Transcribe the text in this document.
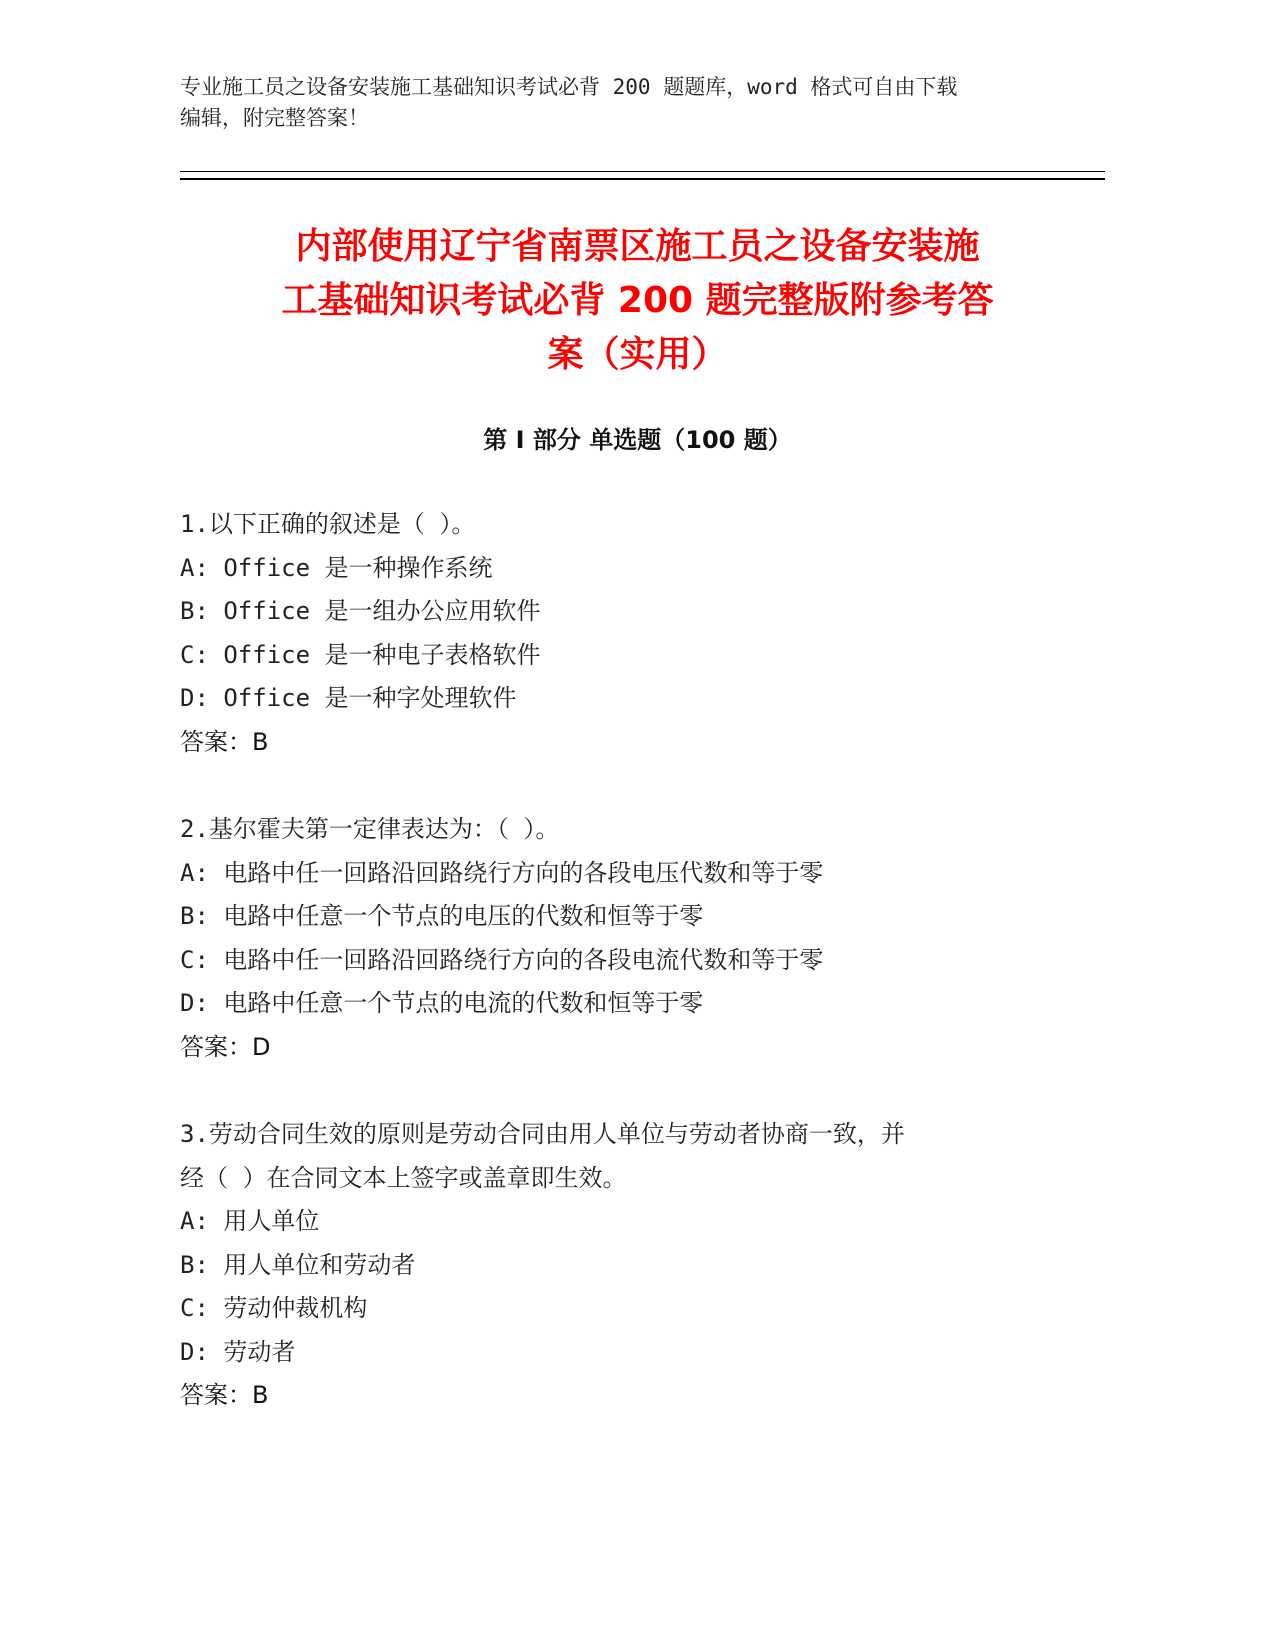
专业施工员之设备安装施工基础知识考试必背 200 题题库，word 格式可自由下载
编辑，附完整答案！
内部使用辽宁省南票区施工员之设备安装施
工基础知识考试必背 200 题完整版附参考答
案（实用）
第 I 部分 单选题（100 题）
1.以下正确的叙述是（ ）。
A: Office 是一种操作系统
B: Office 是一组办公应用软件
C: Office 是一种电子表格软件
D: Office 是一种字处理软件
答案：B
2.基尔霍夫第一定律表达为：（ ）。
A: 电路中任一回路沿回路绕行方向的各段电压代数和等于零
B: 电路中任意一个节点的电压的代数和恒等于零
C: 电路中任一回路沿回路绕行方向的各段电流代数和等于零
D: 电路中任意一个节点的电流的代数和恒等于零
答案：D
3.劳动合同生效的原则是劳动合同由用人单位与劳动者协商一致，并
经（ ）在合同文本上签字或盖章即生效。
A: 用人单位
B: 用人单位和劳动者
C: 劳动仲裁机构
D: 劳动者
答案：B
